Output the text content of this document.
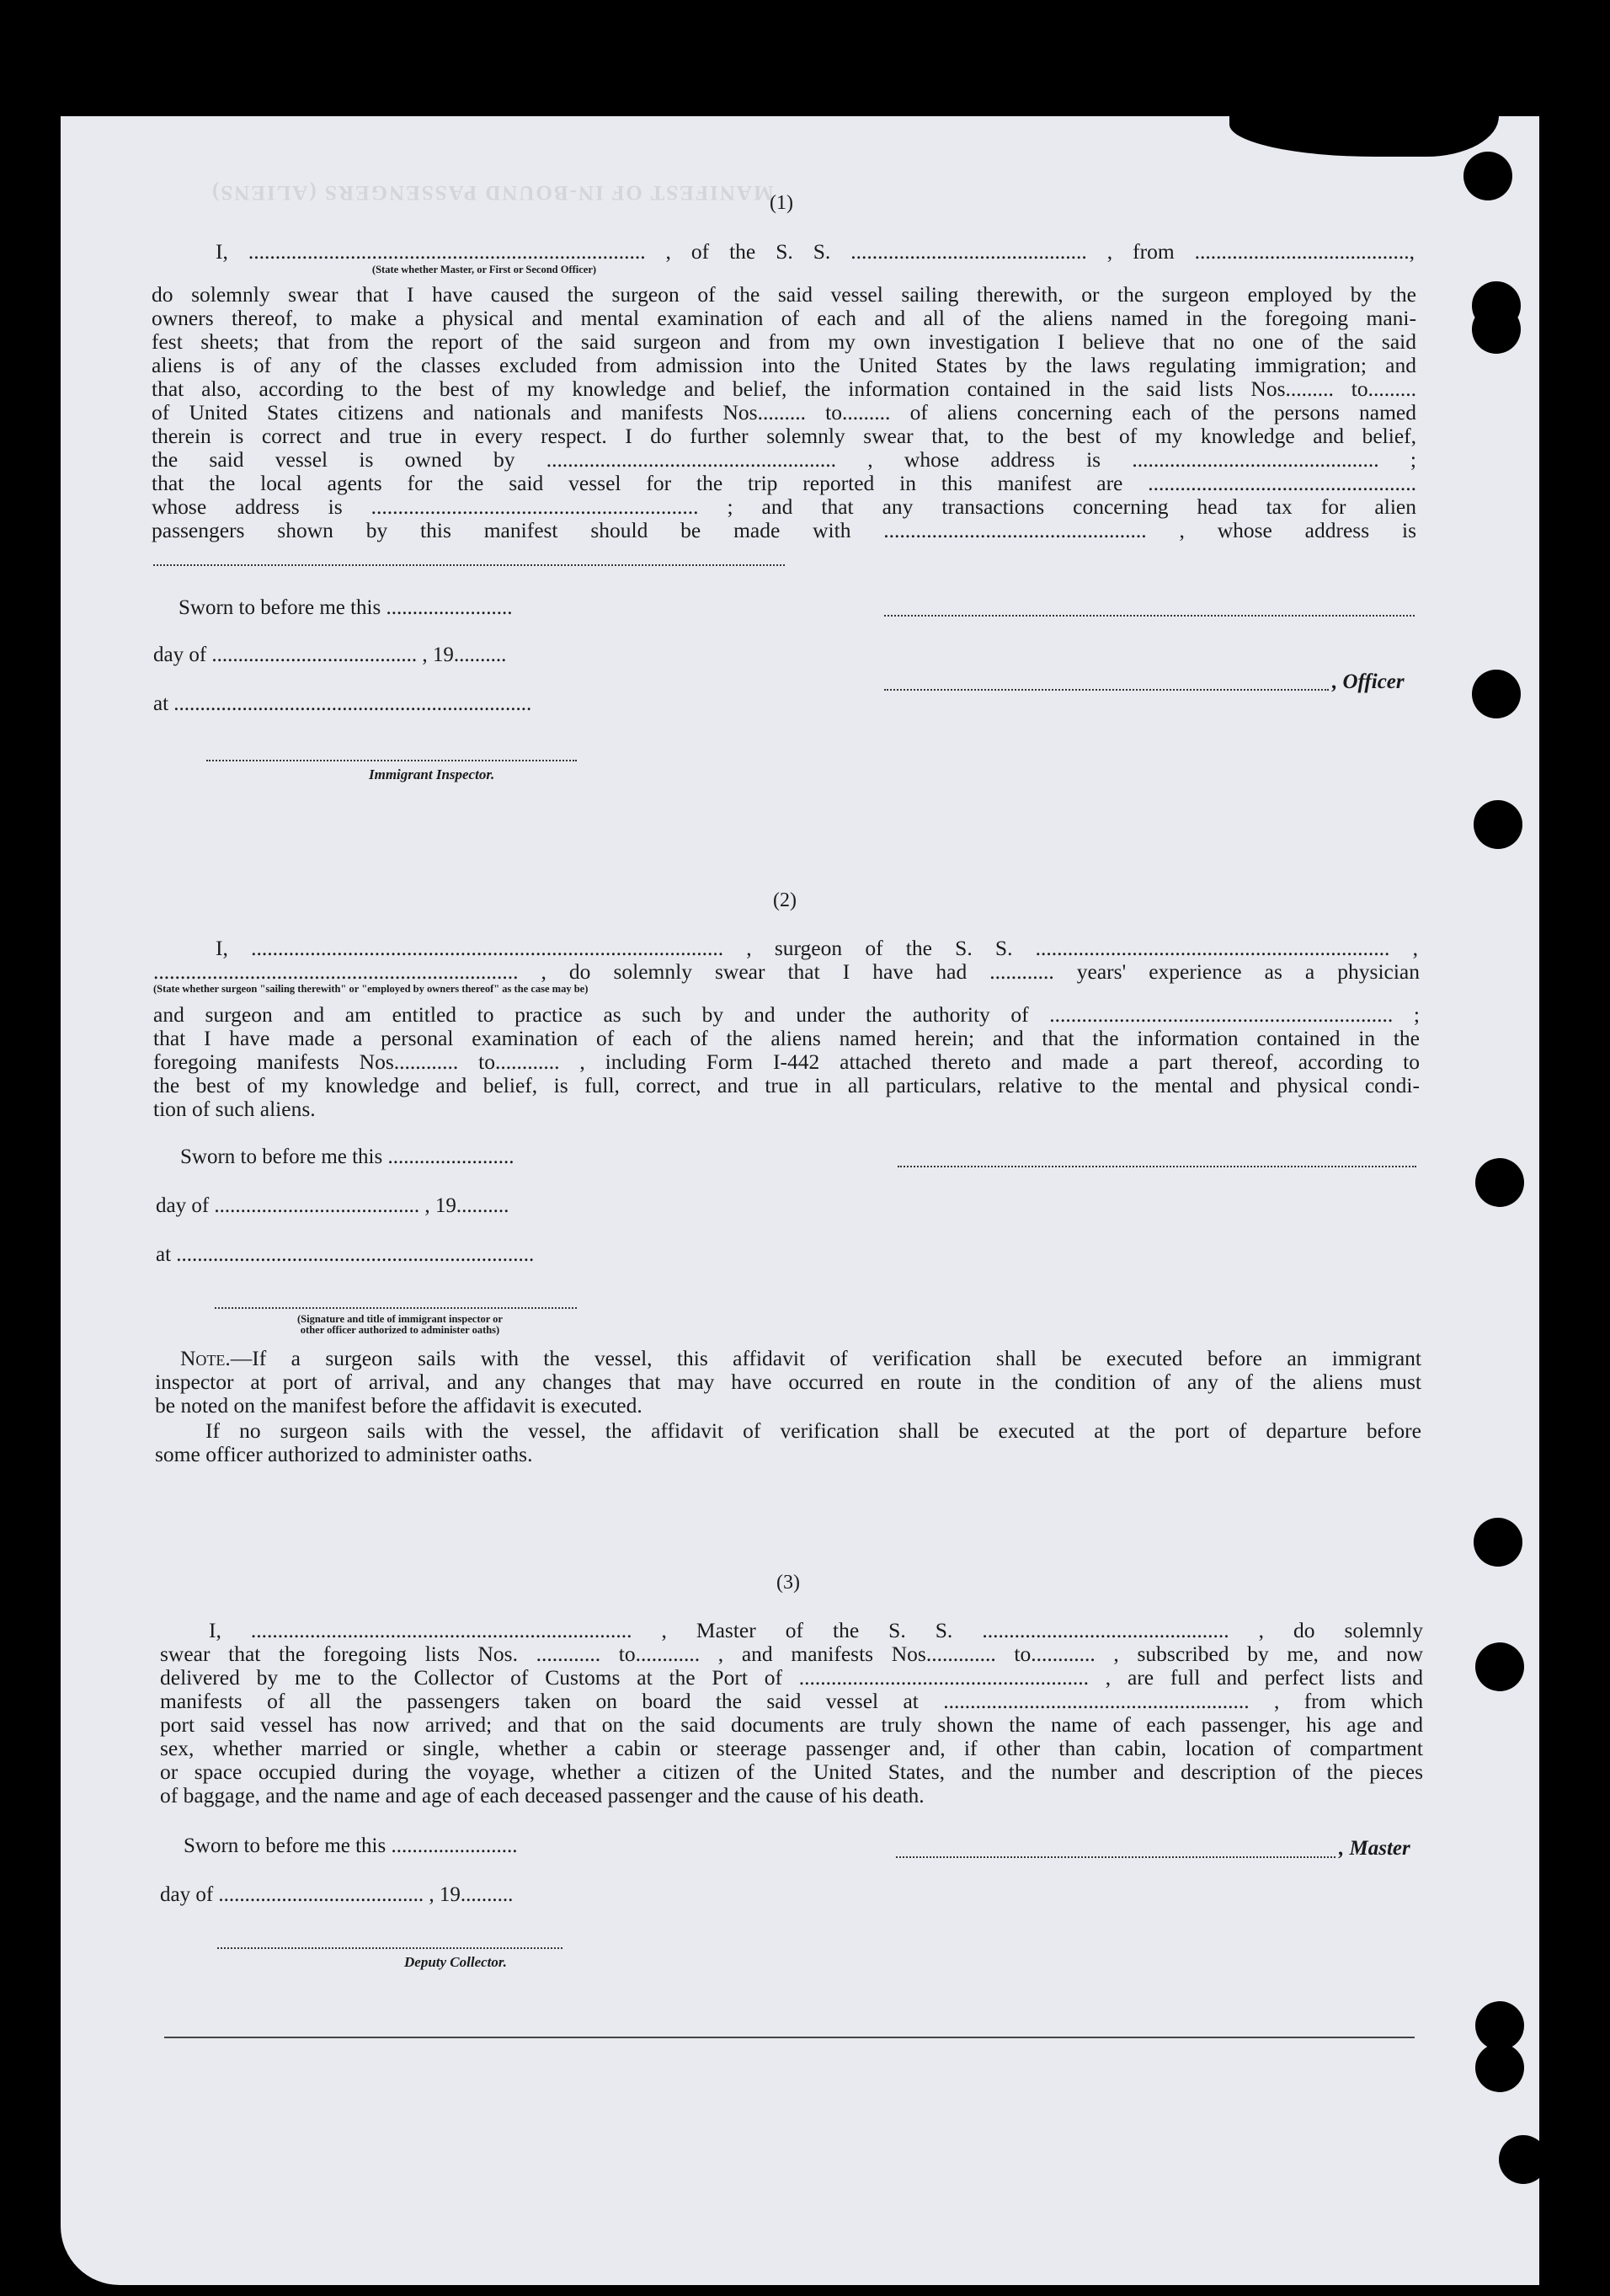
MANIFEST OF IN-BOUND PASSENGERS (ALIENS)
(1)

I, .......................................................................... , of the S. S. ............................................ , from ........................................,

(State whether Master, or First or Second Officer)

do solemnly swear that I have caused the surgeon of the said vessel sailing therewith, or the surgeon employed by the

owners thereof, to make a physical and mental examination of each and all of the aliens named in the foregoing mani-

fest sheets; that from the report of the said surgeon and from my own investigation I believe that no one of the said

aliens is of any of the classes excluded from admission into the United States by the laws regulating immigration; and

that also, according to the best of my knowledge and belief, the information contained in the said lists Nos......... to.........

of United States citizens and nationals and manifests Nos......... to......... of aliens concerning each of the persons named

therein is correct and true in every respect. I do further solemnly swear that, to the best of my knowledge and belief,

the said vessel is owned by ...................................................... , whose address is .............................................. ;

that the local agents for the said vessel for the trip reported in this manifest are ..................................................

whose address is ............................................................. ; and that any transactions concerning head tax for alien

passengers shown by this manifest should be made with ................................................. , whose address is

Sworn to before me this ........................
day of ....................................... , 19..........
, Officer
at ....................................................................
Immigrant Inspector.
(2)

I, ........................................................................................ , surgeon of the S. S. .................................................................. ,

.................................................................... , do solemnly swear that I have had ............ years' experience as a physician

(State whether surgeon "sailing therewith" or "employed by owners thereof" as the case may be)

and surgeon and am entitled to practice as such by and under the authority of ................................................................ ;

that I have made a personal examination of each of the aliens named herein; and that the information contained in the

foregoing manifests Nos............ to............ , including Form I-442 attached thereto and made a part thereof, according to

the best of my knowledge and belief, is full, correct, and true in all particulars, relative to the mental and physical condi-

tion of such aliens.

Sworn to before me this ........................
day of ....................................... , 19..........
at ....................................................................
(Signature and title of immigrant inspector or
other officer authorized to administer oaths)

Note.—If a surgeon sails with the vessel, this affidavit of verification shall be executed before an immigrant

inspector at port of arrival, and any changes that may have occurred en route in the condition of any of the aliens must

be noted on the manifest before the affidavit is executed.

If no surgeon sails with the vessel, the affidavit of verification shall be executed at the port of departure before

some officer authorized to administer oaths.

(3)

I, ....................................................................... , Master of the S. S. .............................................. , do solemnly

swear that the foregoing lists Nos. ............ to............ , and manifests Nos............. to............ , subscribed by me, and now

delivered by me to the Collector of Customs at the Port of ...................................................... , are full and perfect lists and

manifests of all the passengers taken on board the said vessel at ......................................................... , from which

port said vessel has now arrived; and that on the said documents are truly shown the name of each passenger, his age and

sex, whether married or single, whether a cabin or steerage passenger and, if other than cabin, location of compartment

or space occupied during the voyage, whether a citizen of the United States, and the number and description of the pieces

of baggage, and the name and age of each deceased passenger and the cause of his death.

Sworn to before me this ........................	, Master
day of ....................................... , 19..........
Deputy Collector.
